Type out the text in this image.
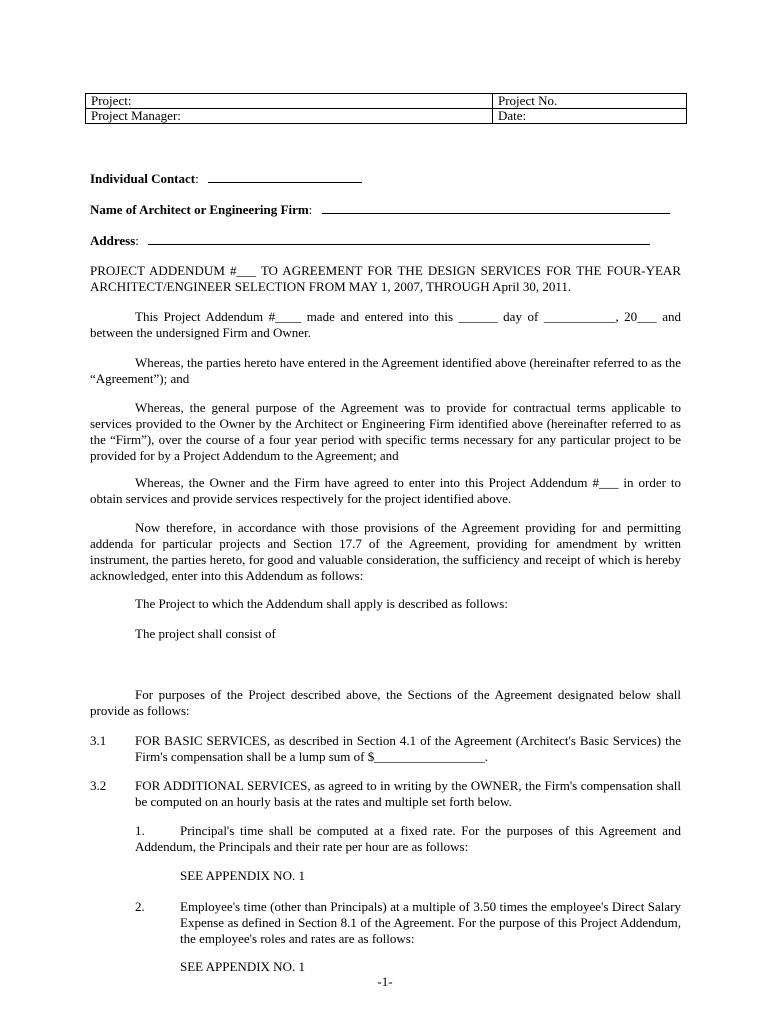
Project:	Project No.
Project Manager:	Date:
Individual Contact:
Name of Architect or Engineering Firm:
Address:

PROJECT ADDENDUM #___ TO AGREEMENT FOR THE DESIGN SERVICES FOR THE FOUR-YEAR

ARCHITECT/ENGINEER SELECTION FROM MAY 1, 2007, THROUGH April 30, 2011.

This Project Addendum #____ made and entered into this ______ day of ___________, 20___ and between the undersigned Firm and Owner.

Whereas, the parties hereto have entered in the Agreement identified above (hereinafter referred to as the “Agreement”); and

Whereas, the general purpose of the Agreement was to provide for contractual terms applicable to services provided to the Owner by the Architect or Engineering Firm identified above (hereinafter referred to as the “Firm”), over the course of a four year period with specific terms necessary for any particular project to be provided for by a Project Addendum to the Agreement; and

Whereas, the Owner and the Firm have agreed to enter into this Project Addendum #___ in order to obtain services and provide services respectively for the project identified above.

Now therefore, in accordance with those provisions of the Agreement providing for and permitting addenda for particular projects and Section 17.7 of the Agreement, providing for amendment by written instrument, the parties hereto, for good and valuable consideration, the sufficiency and receipt of which is hereby acknowledged, enter into this Addendum as follows:

The Project to which the Addendum shall apply is described as follows:

The project shall consist of

For purposes of the Project described above, the Sections of the Agreement designated below shall provide as follows:

3.1 FOR BASIC SERVICES, as described in Section 4.1 of the Agreement (Architect's Basic Services) the Firm's compensation shall be a lump sum of $_________________.
3.2 FOR ADDITIONAL SERVICES, as agreed to in writing by the OWNER, the Firm's compensation shall be computed on an hourly basis at the rates and multiple set forth below.
1.	Principal's time shall be computed at a fixed rate. For the purposes of this Agreement and Addendum, the Principals and their rate per hour are as follows:
SEE APPENDIX NO. 1
2.	Employee's time (other than Principals) at a multiple of 3.50 times the employee's Direct Salary Expense as defined in Section 8.1 of the Agreement. For the purpose of this Project Addendum, the employee's roles and rates are as follows:
SEE APPENDIX NO. 1
-1-
